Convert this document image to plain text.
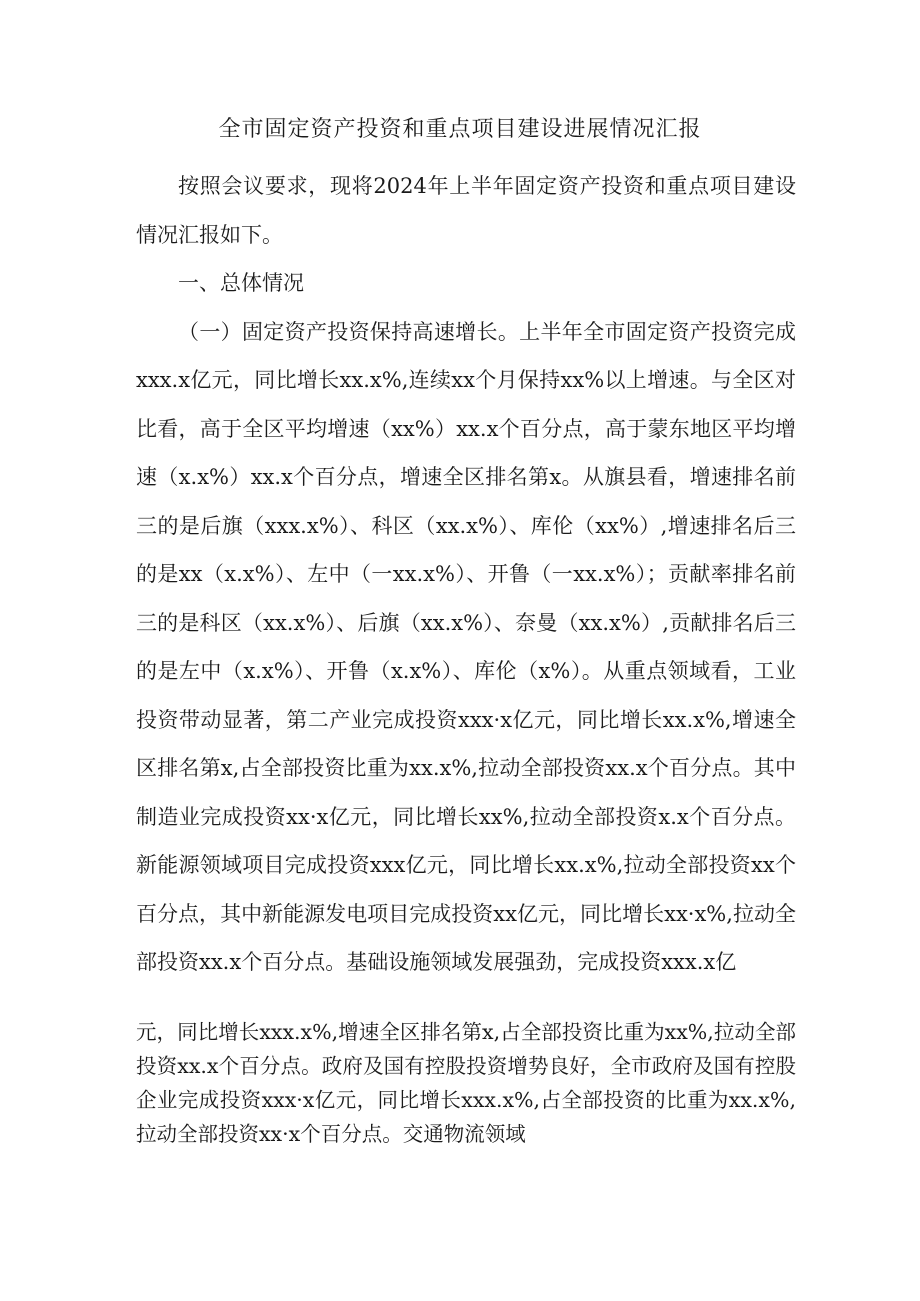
全市固定资产投资和重点项目建设进展情况汇报

按照会议要求，现将2024年上半年固定资产投资和重点项目建设情况汇报如下。

一、总体情况

（一）固定资产投资保持高速增长。上半年全市固定资产投资完成xxx.x亿元，同比增长xx.x%,连续xx个月保持xx%以上增速。与全区对比看，高于全区平均增速（xx%）xx.x个百分点，高于蒙东地区平均增速（x.x%）xx.x个百分点，增速全区排名第x。从旗县看，增速排名前三的是后旗（xxx.x%）、科区（xx.x%）、库伦（xx%）,增速排名后三的是xx（x.x%）、左中（一xx.x%）、开鲁（一xx.x%）；贡献率排名前三的是科区（xx.x%）、后旗（xx.x%）、奈曼（xx.x%）,贡献排名后三的是左中（x.x%）、开鲁（x.x%）、库伦（x%）。从重点领域看，工业投资带动显著，第二产业完成投资xxx·x亿元，同比增长xx.x%,增速全区排名第x,占全部投资比重为xx.x%,拉动全部投资xx.x个百分点。其中制造业完成投资xx·x亿元，同比增长xx%,拉动全部投资x.x个百分点。新能源领域项目完成投资xxx亿元，同比增长xx.x%,拉动全部投资xx个百分点，其中新能源发电项目完成投资xx亿元，同比增长xx·x%,拉动全部投资xx.x个百分点。基础设施领域发展强劲，完成投资xxx.x亿

元，同比增长xxx.x%,增速全区排名第x,占全部投资比重为xx%,拉动全部投资xx.x个百分点。政府及国有控股投资增势良好，全市政府及国有控股企业完成投资xxx·x亿元，同比增长xxx.x%,占全部投资的比重为xx.x%,拉动全部投资xx·x个百分点。交通物流领域
